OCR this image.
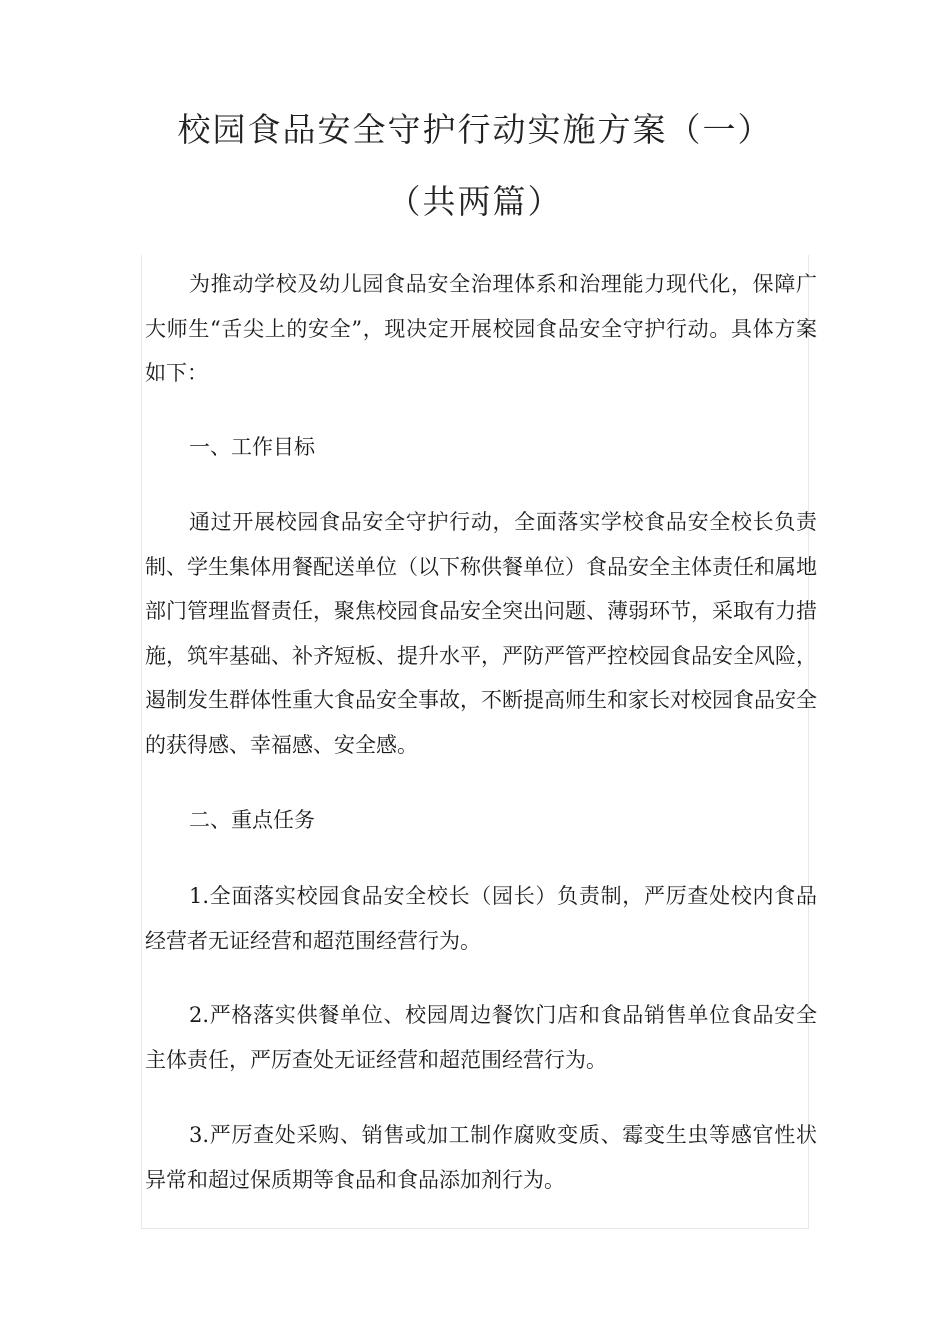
校园食品安全守护行动实施方案（一）
（共两篇）

为推动学校及幼儿园食品安全治理体系和治理能力现代化，保障广大师生“舌尖上的安全”，现决定开展校园食品安全守护行动。具体方案如下：

一、工作目标

通过开展校园食品安全守护行动，全面落实学校食品安全校长负责制、学生集体用餐配送单位（以下称供餐单位）食品安全主体责任和属地部门管理监督责任，聚焦校园食品安全突出问题、薄弱环节，采取有力措施，筑牢基础、补齐短板、提升水平，严防严管严控校园食品安全风险，遏制发生群体性重大食品安全事故，不断提高师生和家长对校园食品安全的获得感、幸福感、安全感。

二、重点任务

1.全面落实校园食品安全校长（园长）负责制，严厉查处校内食品经营者无证经营和超范围经营行为。

2.严格落实供餐单位、校园周边餐饮门店和食品销售单位食品安全主体责任，严厉查处无证经营和超范围经营行为。

3.严厉查处采购、销售或加工制作腐败变质、霉变生虫等感官性状异常和超过保质期等食品和食品添加剂行为。
